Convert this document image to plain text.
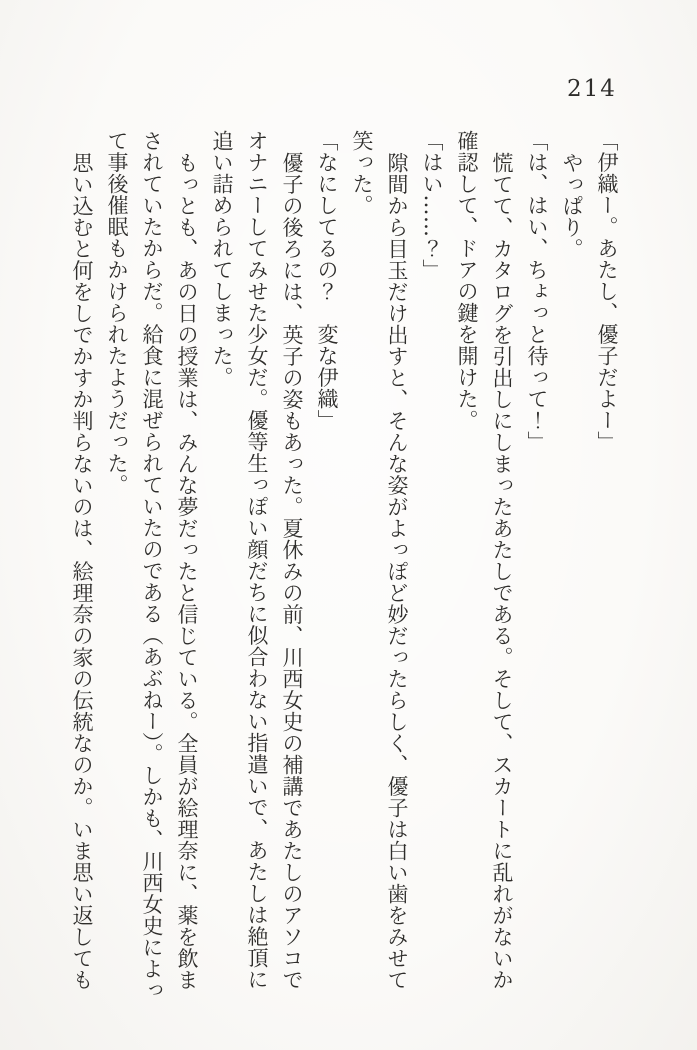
214
「伊織ー。あたし、優子だよー」
やっぱり。
「は、はい、ちょっと待って！」
慌てて、カタログを引出しにしまったあたしである。そして、スカートに乱れがないか
確認して、ドアの鍵を開けた。
「はい……？」
隙間から目玉だけ出すと、そんな姿がよっぽど妙だったらしく、優子は白い歯をみせて
笑った。
「なにしてるの？　変な伊織」
優子の後ろには、英子の姿もあった。夏休みの前、川西女史の補講であたしのアソコで
オナニーしてみせた少女だ。優等生っぽい顔だちに似合わない指遣いで、あたしは絶頂に
追い詰められてしまった。
もっとも、あの日の授業は、みんな夢だったと信じている。全員が絵理奈に、薬を飲ま
されていたからだ。給食に混ぜられていたのである（あぶねー）。しかも、川西女史によっ
て事後催眠もかけられたようだった。
思い込むと何をしでかすか判らないのは、絵理奈の家の伝統なのか。いま思い返しても
